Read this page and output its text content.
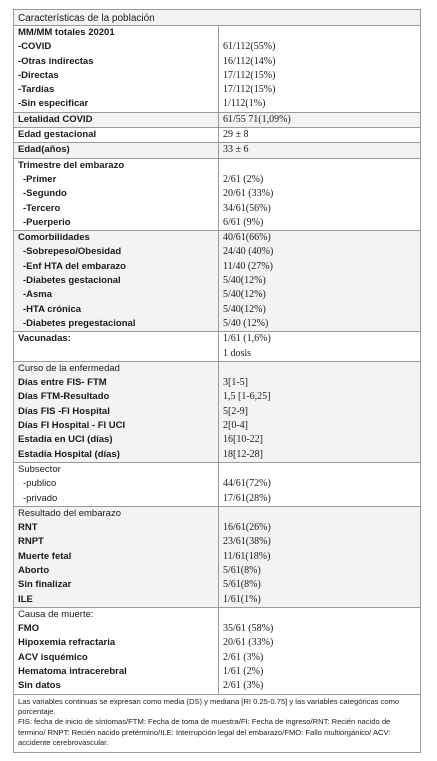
Características de la población
MM/MM totales 20201
-COVID	61/112(55%)
-Otras indirectas	16/112(14%)
-Directas	17/112(15%)
-Tardías	17/112(15%)
-Sin especificar	1/112(1%)
Letalidad COVID	61/55 71(1,09%)
Edad gestacional	29 ± 8
Edad(años)	33 ± 6
Trimestre del embarazo
-Primer	2/61 (2%)
-Segundo	20/61 (33%)
-Tercero	34/61(56%)
-Puerperio	6/61 (9%)
Comorbilidades	40/61(66%)
-Sobrepeso/Obesidad	24/40 (40%)
-Enf HTA del embarazo	11/40 (27%)
-Diabetes gestacional	5/40(12%)
-Asma	5/40(12%)
-HTA crónica	5/40(12%)
-Diabetes pregestacional	5/40 (12%)
Vacunadas:	1/61 (1,6%)
1 dosis
Curso de la enfermedad
Días entre FIS- FTM	3[1-5]
Días FTM-Resultado	1,5 [1-6,25]
Días FIS -FI Hospital	5[2-9]
Días FI Hospital - FI UCI	2[0-4]
Estadía en UCI (días)	16[10-22]
Estadía Hospital (días)	18[12-28]
Subsector
-publico	44/61(72%)
-privado	17/61(28%)
Resultado del embarazo
RNT	16/61(26%)
RNPT	23/61(38%)
Muerte fetal	11/61(18%)
Aborto	5/61(8%)
Sin finalizar	5/61(8%)
ILE	1/61(1%)
Causa de muerte:
FMO	35/61 (58%)
Hipoxemia refractaria	20/61 (33%)
ACV isquémico	2/61 (3%)
Hematoma intracerebral	1/61 (2%)
Sin datos	2/61 (3%)

Las variables continuas se expresan como media (DS) y mediana [RI 0.25-0.75] y las variables categóricas como porcentaje.

FIS: fecha de inicio de síntomas/FTM: Fecha de toma de muestra/FI: Fecha de ingreso/RNT: Recién nacido de termino/ RNPT: Recién nacido pretérmino/ILE: Interrupción legal del embarazo/FMO: Fallo multiorgánico/ ACV: accidente cerebrovascular.
